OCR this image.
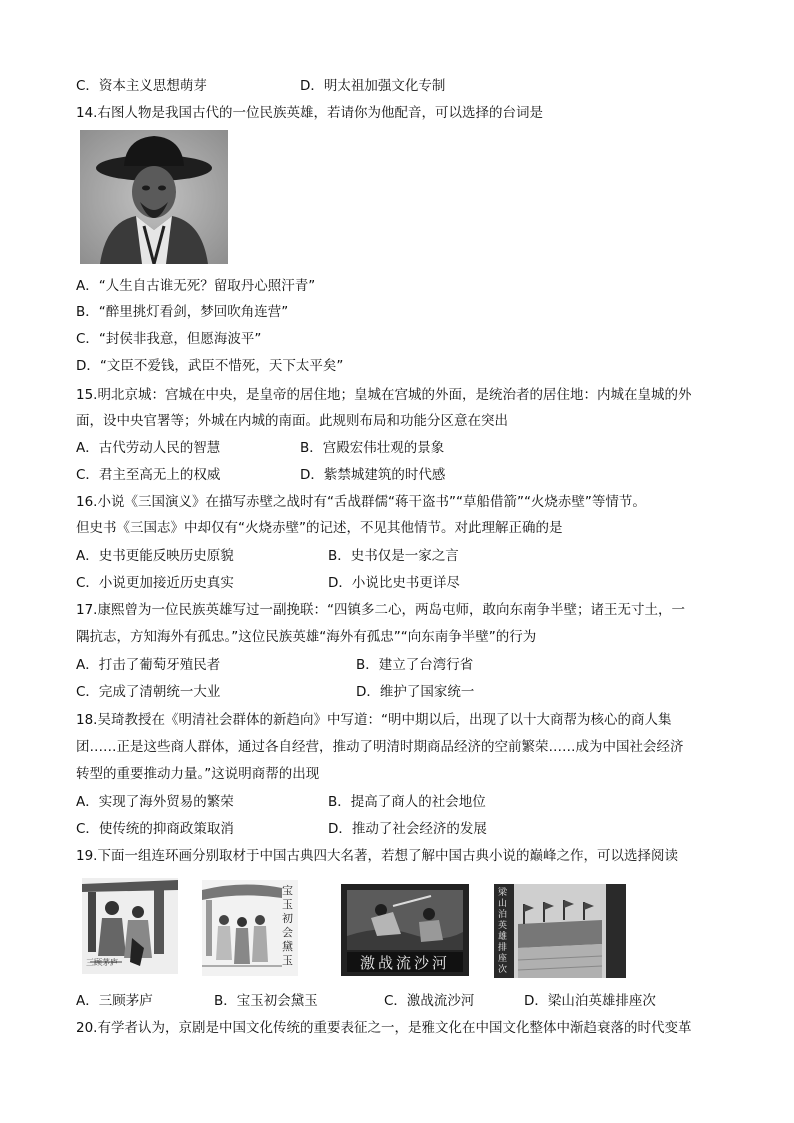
C．资本主义思想萌芽	D．明太祖加强文化专制
14.右图人物是我国古代的一位民族英雄，若请你为他配音，可以选择的台词是
A．“人生自古谁无死？留取丹心照汗青”
B．“醉里挑灯看剑，梦回吹角连营”
C．“封侯非我意，但愿海波平”
D．“文臣不爱钱，武臣不惜死，天下太平矣”
15.明北京城：宫城在中央，是皇帝的居住地；皇城在宫城的外面，是统治者的居住地：内城在皇城的外
面，设中央官署等；外城在内城的南面。此规则布局和功能分区意在突出
A．古代劳动人民的智慧	B．宫殿宏伟壮观的景象
C．君主至高无上的权威	D．紫禁城建筑的时代感
16.小说《三国演义》在描写赤壁之战时有“舌战群儒“蒋干盗书”“草船借箭”“火烧赤壁”等情节。
但史书《三国志》中却仅有“火烧赤壁”的记述，不见其他情节。对此理解正确的是
A．史书更能反映历史原貌	B．史书仅是一家之言
C．小说更加接近历史真实	D．小说比史书更详尽
17.康熙曾为一位民族英雄写过一副挽联：“四镇多二心，两岛屯师，敢向东南争半壁；诸王无寸土，一
隅抗志，方知海外有孤忠。”这位民族英雄“海外有孤忠”“向东南争半壁”的行为
A．打击了葡萄牙殖民者	B．建立了台湾行省
C．完成了清朝统一大业	D．维护了国家统一
18.吴琦教授在《明清社会群体的新趋向》中写道：“明中期以后，出现了以十大商帮为核心的商人集
团……正是这些商人群体，通过各自经营，推动了明清时期商品经济的空前繁荣……成为中国社会经济
转型的重要推动力量。”这说明商帮的出现
A．实现了海外贸易的繁荣	B．提高了商人的社会地位
C．使传统的抑商政策取消	D．推动了社会经济的发展
19.下面一组连环画分别取材于中国古典四大名著，若想了解中国古典小说的巅峰之作，可以选择阅读
三顾茅庐
宝玉初会黛玉	激战流沙河
梁山泊英雄排座次
A．三顾茅庐	B．宝玉初会黛玉	C．激战流沙河	D．梁山泊英雄排座次
20.有学者认为，京剧是中国文化传统的重要表征之一，是雅文化在中国文化整体中渐趋衰落的时代变革
